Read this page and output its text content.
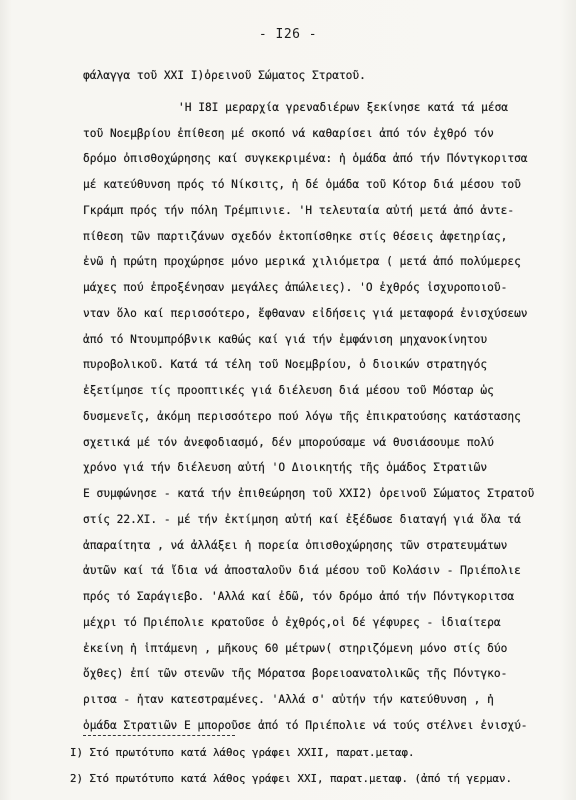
- I26 -
φάλαγγα τοῦ XXI I)ὀρεινοῦ Σώματος Στρατοῦ.
'Η I8I μεραρχία γρεναδιέρων ξεκίνησε κατά τά μέσα
τοῦ Νοεμβρίου ἐπίθεση μέ σκοπό νά καθαρίσει ἀπό τόν ἐχθρό τόν
δρόμο ὀπισθοχώρησης καί συγκεκριμένα: ἡ ὁμάδα ἀπό τήν Πόντγκοριτσα
μέ κατεύθυνση πρός τό Νίκσιτς, ἡ δέ ὁμάδα τοῦ Κότορ διά μέσου τοῦ
Γκράμπ πρός τήν πόλη Τρέμπινιε. 'Η τελευταία αὐτή μετά ἀπό ἀντε-
πίθεση τῶν παρτιζάνων σχεδόν ἐκτοπίσθηκε στίς θέσεις ἀφετηρίας,
ἐνῶ ἡ πρώτη προχώρησε μόνο μερικά χιλιόμετρα ( μετά ἀπό πολύμερες
μάχες πού ἐπροξένησαν μεγάλες ἀπώλειες). 'Ο ἐχθρός ἰσχυροποιοῦ-
νταν ὅλο καί περισσότερο, ἔφθαναν εἰδήσεις γιά μεταφορά ἐνισχύσεων
ἀπό τό Ντουμπρόβνικ καθώς καί γιά τήν ἐμφάνιση μηχανοκίνητου
πυροβολικοῦ. Κατά τά τέλη τοῦ Νοεμβρίου, ὁ διοικών στρατηγός
ἐξετίμησε τίς προοπτικές γιά διέλευση διά μέσου τοῦ Μόσταρ ὡς
δυσμενεῖς, ἀκόμη περισσότερο πού λόγω τῆς ἐπικρατούσης κατάστασης
σχετικά μέ τόν ἀνεφοδιασμό, δέν μπορούσαμε νά θυσιάσουμε πολύ
χρόνο γιά τήν διέλευση αὐτή 'Ο Διοικητής τῆς ὁμάδος Στρατιῶν
E συμφώνησε - κατά τήν ἐπιθεώρηση τοῦ XXI2) ὀρεινοῦ Σώματος Στρατοῦ
στίς 22.XI. - μέ τήν ἐκτίμηση αὐτή καί ἐξέδωσε διαταγή γιά ὅλα τά
ἀπαραίτητα , νά ἀλλάξει ἡ πορεία ὀπισθοχώρησης τῶν στρατευμάτων
ἀυτῶν καί τά ἴδια νά ἀποσταλοῦν διά μέσου τοῦ Κολάσιν - Πριέπολιε
πρός τό Σαράγιεβο. 'Αλλά καί ἐδῶ, τόν δρόμο ἀπό τήν Πόντγκοριτσα
μέχρι τό Πριέπολιε κρατοῦσε ὁ ἐχθρός,οἱ δέ γέφυρες - ἰδιαίτερα
ἐκείνη ἡ ἱπτάμενη , μῆκους 60 μέτρων( στηριζόμενη μόνο στίς δύο
ὄχθες) ἐπί τῶν στενῶν τῆς Μόρατσα βορειοανατολικῶς τῆς Πόντγκο-
ριτσα - ἦταν κατεστραμένες. 'Αλλά σ' αὐτήν τήν κατεύθυνση , ἡ
ὁμάδα Στρατιῶν E μποροῦσε ἀπό τό Πριέπολιε νά τούς στέλνει ἐνισχύ-
I) Στό πρωτότυπο κατά λάθος γράφει XXII, παρατ.μεταφ.
2) Στό πρωτότυπο κατά λάθος γράφει XXI, παρατ.μεταφ. (ἀπό τή γερμαν.
